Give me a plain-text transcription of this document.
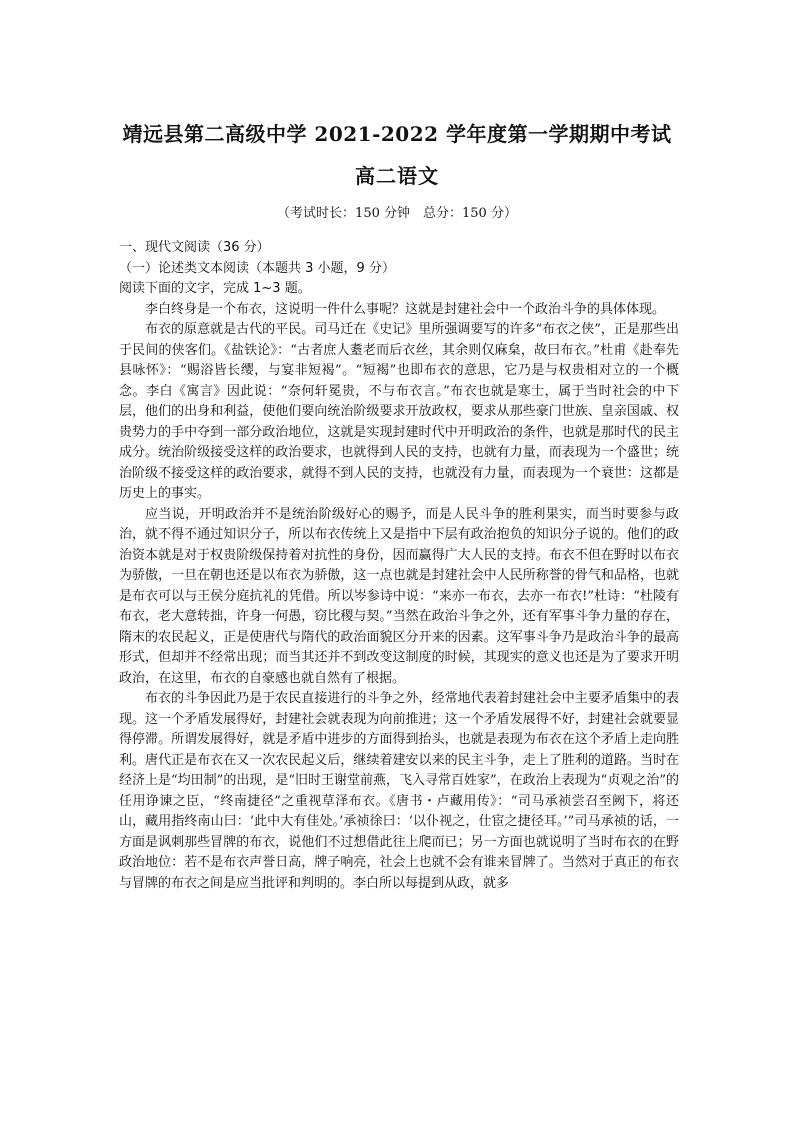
靖远县第二高级中学 2021-2022 学年度第一学期期中考试
高二语文
（考试时长：150 分钟　总分：150 分）

一、现代文阅读（36 分）

（一）论述类文本阅读（本题共 3 小题，9 分）

阅读下面的文字，完成 1~3 题。

李白终身是一个布衣，这说明一件什么事呢？这就是封建社会中一个政治斗争的具体体现。

布衣的原意就是古代的平民。司马迁在《史记》里所强调要写的许多“布衣之侠”，正是那些出于民间的侠客们。《盐铁论》：“古者庶人耋老而后衣丝，其余则仅麻枲，故曰布衣。”杜甫《赴奉先县咏怀》：“赐浴皆长缨，与宴非短褐”。“短褐”也即布衣的意思，它乃是与权贵相对立的一个概念。李白《寓言》因此说：“奈何轩冕贵，不与布衣言。”布衣也就是寒士，属于当时社会的中下层，他们的出身和利益，使他们要向统治阶级要求开放政权，要求从那些豪门世族、皇亲国戚、权贵势力的手中夺到一部分政治地位，这就是实现封建时代中开明政治的条件，也就是那时代的民主成分。统治阶级接受这样的政治要求，也就得到人民的支持，也就有力量，而表现为一个盛世；统治阶级不接受这样的政治要求，就得不到人民的支持，也就没有力量，而表现为一个衰世：这都是历史上的事实。

应当说，开明政治并不是统治阶级好心的赐予，而是人民斗争的胜利果实，而当时要参与政治，就不得不通过知识分子，所以布衣传统上又是指中下层有政治抱负的知识分子说的。他们的政治资本就是对于权贵阶级保持着对抗性的身份，因而赢得广大人民的支持。布衣不但在野时以布衣为骄傲，一旦在朝也还是以布衣为骄傲，这一点也就是封建社会中人民所称誉的骨气和品格，也就是布衣可以与王侯分庭抗礼的凭借。所以岑参诗中说：“来亦一布衣，去亦一布衣!”杜诗：“杜陵有布衣，老大意转拙，许身一何愚，窃比稷与契。”当然在政治斗争之外，还有军事斗争力量的存在，隋末的农民起义，正是使唐代与隋代的政治面貌区分开来的因素。这军事斗争乃是政治斗争的最高形式，但却并不经常出现；而当其还并不到改变这制度的时候，其现实的意义也还是为了要求开明政治，在这里，布衣的自豪感也就自然有了根据。

布衣的斗争因此乃是于农民直接进行的斗争之外，经常地代表着封建社会中主要矛盾集中的表现。这一个矛盾发展得好，封建社会就表现为向前推进；这一个矛盾发展得不好，封建社会就要显得停滞。所谓发展得好，就是矛盾中进步的方面得到抬头，也就是表现为布衣在这个矛盾上走向胜利。唐代正是布衣在又一次农民起义后，继续着建安以来的民主斗争，走上了胜利的道路。当时在经济上是“均田制”的出现，是“旧时王谢堂前燕，飞入寻常百姓家”，在政治上表现为“贞观之治”的任用诤谏之臣，“终南捷径”之重视草泽布衣。《唐书・卢藏用传》：“司马承祯尝召至阙下，将还山，藏用指终南山曰：‘此中大有佳处。’承祯徐曰：‘以仆视之，仕宦之捷径耳。’”司马承祯的话，一方面是讽刺那些冒牌的布衣，说他们不过想借此往上爬而已；另一方面也就说明了当时布衣的在野政治地位：若不是布衣声誉日高，牌子响亮，社会上也就不会有谁来冒牌了。当然对于真正的布衣与冒牌的布衣之间是应当批评和判明的。李白所以每提到从政，就多
